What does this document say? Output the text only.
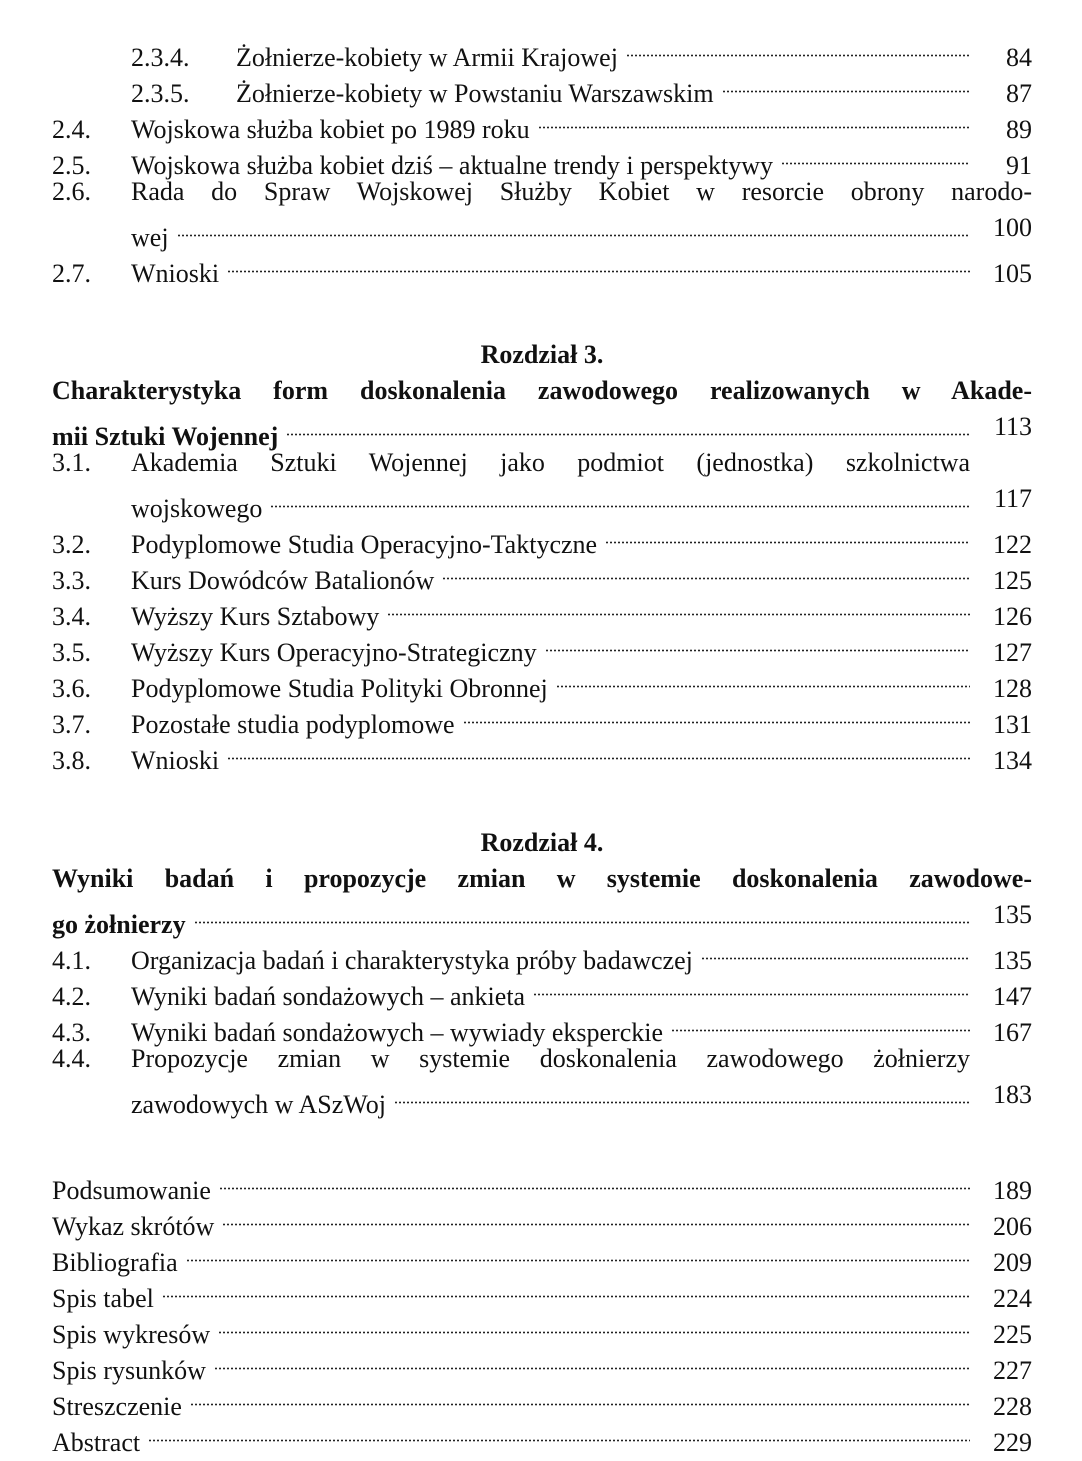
2.3.4.	Żołnierze-kobiety w Armii Krajowej	84
2.3.5.	Żołnierze-kobiety w Powstaniu Warszawskim	87
2.4.	Wojskowa służba kobiet po 1989 roku	89
2.5.	Wojskowa służba kobiet dziś – aktualne trendy i perspektywy	91
2.6.	Rada do Spraw Wojskowej Służby Kobiet w resorcie obrony narodo-
wej	100
2.7.	Wnioski	105
Rozdział 3.
Charakterystyka form doskonalenia zawodowego realizowanych w Akade-
mii Sztuki Wojennej	113
3.1.	Akademia Sztuki Wojennej jako podmiot (jednostka) szkolnictwa
wojskowego	117
3.2.	Podyplomowe Studia Operacyjno-Taktyczne	122
3.3.	Kurs Dowódców Batalionów	125
3.4.	Wyższy Kurs Sztabowy	126
3.5.	Wyższy Kurs Operacyjno-Strategiczny	127
3.6.	Podyplomowe Studia Polityki Obronnej	128
3.7.	Pozostałe studia podyplomowe	131
3.8.	Wnioski	134
Rozdział 4.
Wyniki badań i propozycje zmian w systemie doskonalenia zawodowe-
go żołnierzy	135
4.1.	Organizacja badań i charakterystyka próby badawczej	135
4.2.	Wyniki badań sondażowych – ankieta	147
4.3.	Wyniki badań sondażowych – wywiady eksperckie	167
4.4.	Propozycje zmian w systemie doskonalenia zawodowego żołnierzy
zawodowych w ASzWoj	183
Podsumowanie	189
Wykaz skrótów	206
Bibliografia	209
Spis tabel	224
Spis wykresów	225
Spis rysunków	227
Streszczenie	228
Abstract	229
